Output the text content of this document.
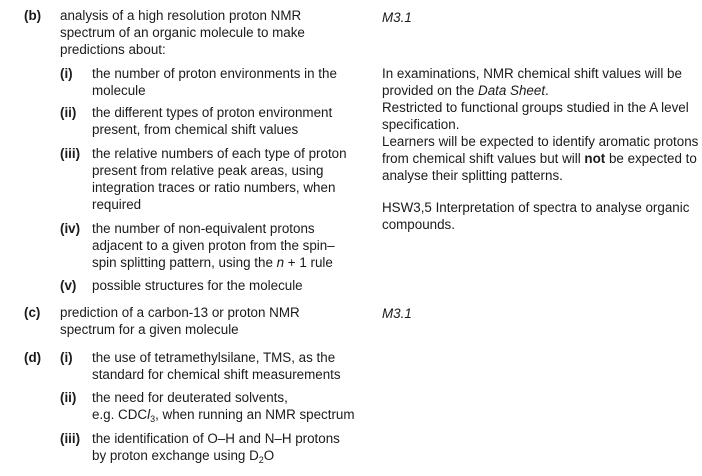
(b) analysis of a high resolution proton NMR spectrum of an organic molecule to make predictions about:
M3.1
(i) the number of proton environments in the molecule
(ii) the different types of proton environment present, from chemical shift values
(iii) the relative numbers of each type of proton present from relative peak areas, using integration traces or ratio numbers, when required
(iv) the number of non-equivalent protons adjacent to a given proton from the spin–spin splitting pattern, using the n + 1 rule
(v) possible structures for the molecule
In examinations, NMR chemical shift values will be provided on the Data Sheet.
Restricted to functional groups studied in the A level specification.
Learners will be expected to identify aromatic protons from chemical shift values but will not be expected to analyse their splitting patterns.
HSW3,5 Interpretation of spectra to analyse organic compounds.
(c) prediction of a carbon-13 or proton NMR spectrum for a given molecule
M3.1
(d) (i) the use of tetramethylsilane, TMS, as the standard for chemical shift measurements
(ii) the need for deuterated solvents,
e.g. CDCl$_3$, when running an NMR spectrum
(iii) the identification of O–H and N–H protons
by proton exchange using $D_2O$
